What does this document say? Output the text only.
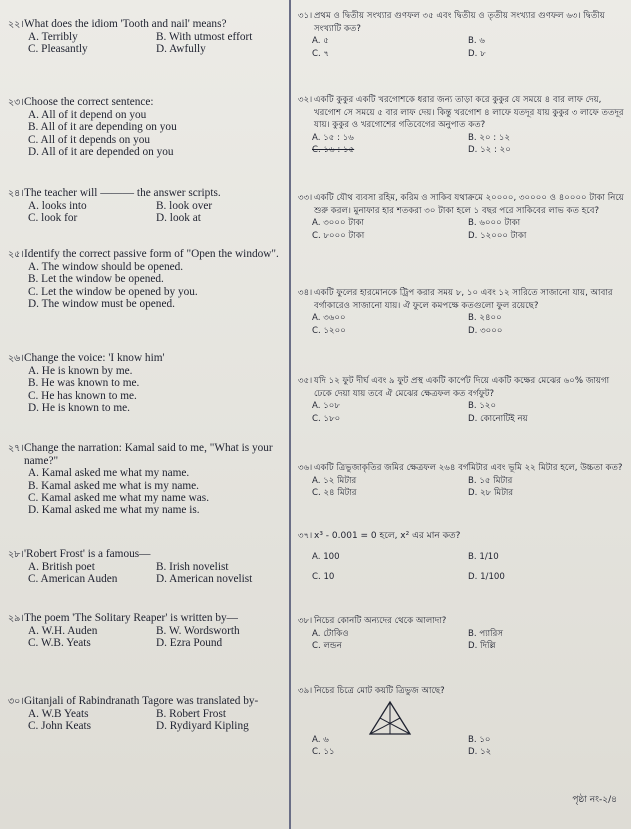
২২।What does the idiom 'Tooth and nail' means?
A. Terribly	B. With utmost effort
C. Pleasantly	D. Awfully
২৩।Choose the correct sentence:
A. All of it depend on you
B. All of it are depending on you
C. All of it depends on you
D. All of it are depended on you
২৪।The teacher will ——— the answer scripts.
A. looks into	B. look over
C. look for	D. look at
২৫।Identify the correct passive form of "Open the window".
A. The window should be opened.
B. Let the window be opened.
C. Let the window be opened by you.
D. The window must be opened.
২৬।Change the voice: 'I know him'
A. He is known by me.
B. He was known to me.
C. He has known to me.
D. He is known to me.
২৭।Change the narration: Kamal said to me, "What is your name?"
A. Kamal asked me what my name.
B. Kamal asked me what is my name.
C. Kamal asked me what my name was.
D. Kamal asked me what my name is.
২৮।'Robert Frost' is a famous—
A. British poet	B. Irish novelist
C. American Auden	D. American novelist
২৯।The poem 'The Solitary Reaper' is written by—
A. W.H. Auden	B. W. Wordsworth
C. W.B. Yeats	D. Ezra Pound
৩০।Gitanjali of Rabindranath Tagore was translated by-
A. W.B Yeats	B. Robert Frost
C. John Keats	D. Rydiyard Kipling
৩১। প্রথম ও দ্বিতীয় সংখ্যার গুণফল ৩৫ এবং দ্বিতীয় ও তৃতীয় সংখ্যার গুণফল ৬৩। দ্বিতীয় সংখ্যাটি কত?
A. ৫	B. ৬
C. ৭	D. ৮
৩২। একটি কুকুর একটি খরগোশকে ধরার জন্য তাড়া করে কুকুর যে সময়ে ৪ বার লাফ দেয়, খরগোশ সে সময়ে ৫ বার লাফ দেয়। কিন্তু খরগোশ ৪ লাফে যতদূর যায় কুকুর ৩ লাফে ততদূর যায়। কুকুর ও খরগোশের গতিবেগের অনুপাত কত?
A. ১৫ : ১৬	B. ২০ : ১২
C. ১৬ : ১৫	D. ১২ : ২০
৩৩। একটি যৌথ ব্যবসা রহিম, করিম ও সাকিব যথাক্রমে ২০০০০, ৩০০০০ ও ৪০০০০ টাকা নিয়ে শুরু করল। মুনাফার হার শতকরা ৩০ টাকা হলে ১ বছর পরে সাকিবের লাভ কত হবে?
A. ৩০০০ টাকা	B. ৬০০০ টাকা
C. ৮০০০ টাকা	D. ১২০০০ টাকা
৩৪। একটি ফুলের হারমোনকে ট্রিপ করার সময় ৮, ১০ এবং ১২ সারিতে সাজানো যায়, আবার বর্গাকারেও সাজানো যায়। ঐ ফুলে কমপক্ষে কতগুলো ফুল রয়েছে?
A. ৩৬০০	B. ২৪০০
C. ১২০০	D. ৩০০০
৩৫। যদি ১২ ফুট দীর্ঘ এবং ৯ ফুট প্রস্থ একটি কার্পেট দিয়ে একটি কক্ষের মেঝের ৬০% জায়গা ঢেকে দেয়া যায় তবে ঐ মেঝের ক্ষেত্রফল কত বর্গফুট?
A. ১০৮	B. ১২০
C. ১৮০	D. কোনোটিই নয়
৩৬। একটি ত্রিভুজাকৃতির জমির ক্ষেত্রফল ২৬৪ বর্গমিটার এবং ভূমি ২২ মিটার হলে, উচ্চতা কত?
A. ১২ মিটার	B. ১৫ মিটার
C. ২৪ মিটার	D. ২৮ মিটার
৩৭। x³ - 0.001 = 0 হলে, x² এর মান কত?
A. 100	B. 1/10
C. 10	D. 1/100
৩৮। নিচের কোনটি অন্যদের থেকে আলাদা?
A. টোকিও	B. প্যারিস
C. লন্ডন	D. দিল্লি
৩৯। নিচের চিত্রে মোট কয়টি ত্রিভুজ আছে?
A. ৬	B. ১০
C. ১১	D. ১২
পৃষ্ঠা নং-২/৪
